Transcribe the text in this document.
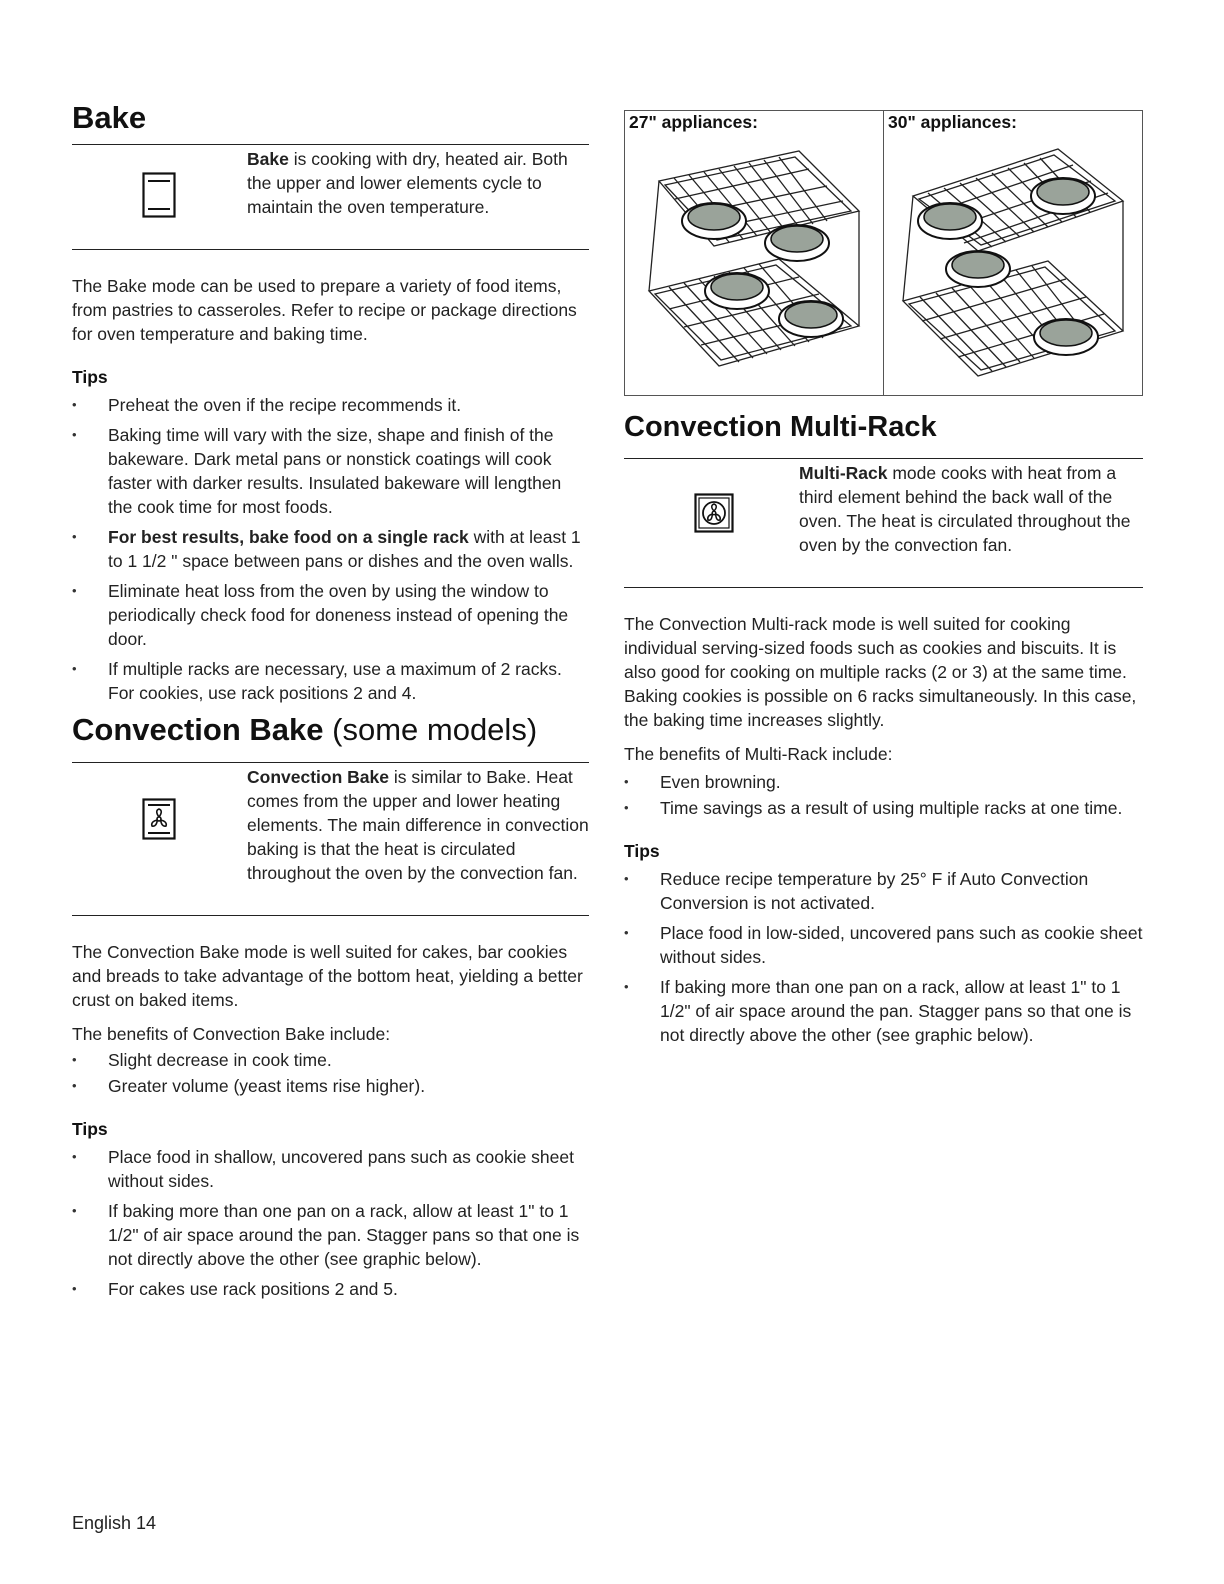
Bake
Bake is cooking with dry, heated air. Both the upper and lower elements cycle to maintain the oven temperature.

The Bake mode can be used to prepare a variety of food items, from pastries to casseroles. Refer to recipe or package directions for oven temperature and baking time.

Tips

• Preheat the oven if the recipe recommends it.
• Baking time will vary with the size, shape and finish of the bakeware. Dark metal pans or nonstick coatings will cook faster with darker results. Insulated bakeware will lengthen the cook time for most foods.
• For best results, bake food on a single rack with at least 1 to 1 1/2 " space between pans or dishes and the oven walls.
• Eliminate heat loss from the oven by using the window to periodically check food for doneness instead of opening the door.
• If multiple racks are necessary, use a maximum of 2 racks. For cookies, use rack positions 2 and 4.
Convection Bake (some models)
Convection Bake is similar to Bake. Heat comes from the upper and lower heating elements. The main difference in convection baking is that the heat is circulated throughout the oven by the convection fan.

The Convection Bake mode is well suited for cakes, bar cookies and breads to take advantage of the bottom heat, yielding a better crust on baked items.

The benefits of Convection Bake include:

• Slight decrease in cook time.
• Greater volume (yeast items rise higher).

Tips

• Place food in shallow, uncovered pans such as cookie sheet without sides.
• If baking more than one pan on a rack, allow at least 1" to 1 1/2" of air space around the pan. Stagger pans so that one is not directly above the other (see graphic below).
• For cakes use rack positions 2 and 5.
27" appliances:	30" appliances:
Convection Multi-Rack
Multi-Rack mode cooks with heat from a third element behind the back wall of the oven. The heat is circulated throughout the oven by the convection fan.

The Convection Multi-rack mode is well suited for cooking individual serving-sized foods such as cookies and biscuits. It is also good for cooking on multiple racks (2 or 3) at the same time. Baking cookies is possible on 6 racks simultaneously. In this case, the baking time increases slightly.

The benefits of Multi-Rack include:

• Even browning.
• Time savings as a result of using multiple racks at one time.

Tips

• Reduce recipe temperature by 25° F if Auto Convection Conversion is not activated.
• Place food in low-sided, uncovered pans such as cookie sheet without sides.
• If baking more than one pan on a rack, allow at least 1" to 1 1/2" of air space around the pan. Stagger pans so that one is not directly above the other (see graphic below).
English 14
